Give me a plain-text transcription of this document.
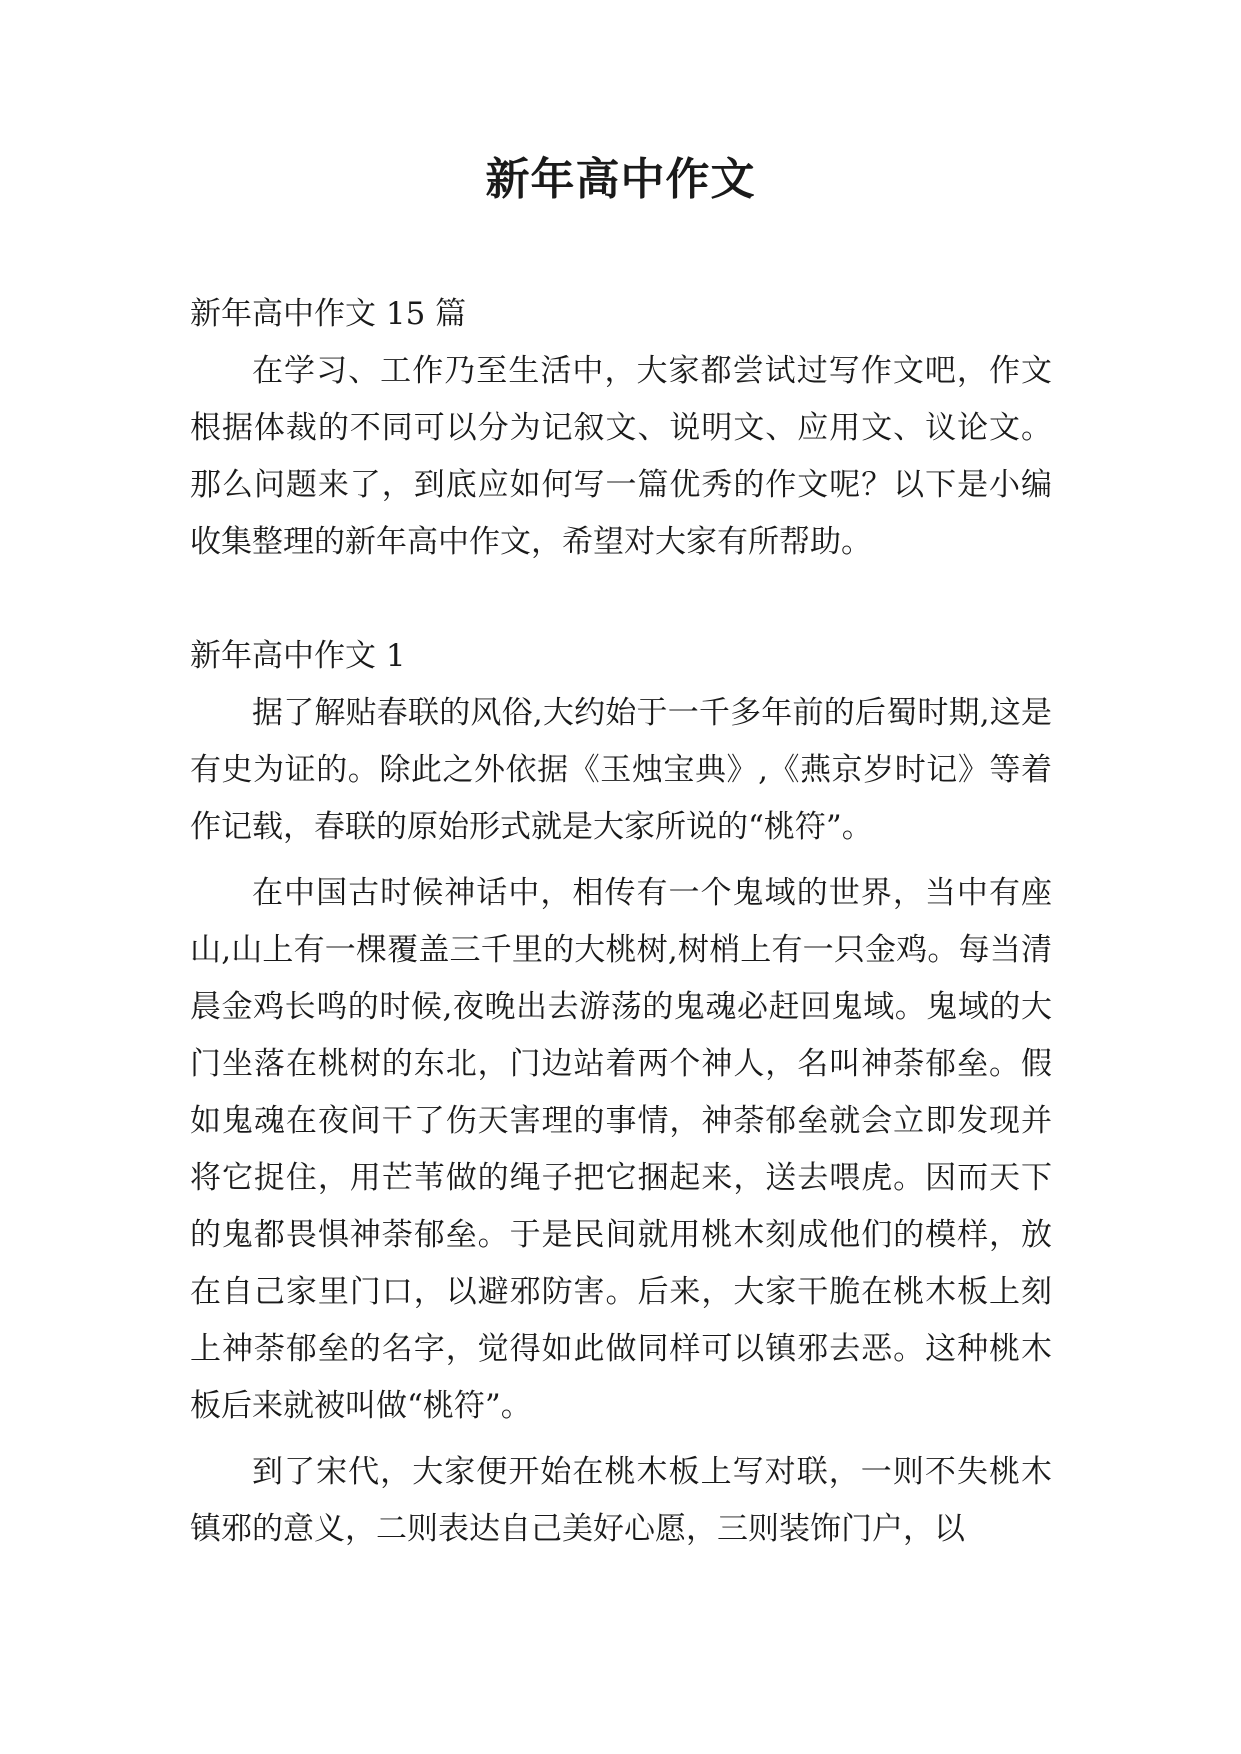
新年高中作文

新年高中作文 15 篇

在学习、工作乃至生活中，大家都尝试过写作文吧，作文根据体裁的不同可以分为记叙文、说明文、应用文、议论文。那么问题来了，到底应如何写一篇优秀的作文呢？以下是小编收集整理的新年高中作文，希望对大家有所帮助。

新年高中作文 1

据了解贴春联的风俗,大约始于一千多年前的后蜀时期,这是有史为证的。除此之外依据《玉烛宝典》,《燕京岁时记》等着作记载，春联的原始形式就是大家所说的“桃符”。

在中国古时候神话中，相传有一个鬼域的世界，当中有座山,山上有一棵覆盖三千里的大桃树,树梢上有一只金鸡。每当清晨金鸡长鸣的时候,夜晚出去游荡的鬼魂必赶回鬼域。鬼域的大门坐落在桃树的东北，门边站着两个神人，名叫神荼郁垒。假如鬼魂在夜间干了伤天害理的事情，神荼郁垒就会立即发现并将它捉住，用芒苇做的绳子把它捆起来，送去喂虎。因而天下的鬼都畏惧神荼郁垒。于是民间就用桃木刻成他们的模样，放在自己家里门口，以避邪防害。后来，大家干脆在桃木板上刻上神荼郁垒的名字，觉得如此做同样可以镇邪去恶。这种桃木板后来就被叫做“桃符”。

到了宋代，大家便开始在桃木板上写对联，一则不失桃木镇邪的意义，二则表达自己美好心愿，三则装饰门户，以
